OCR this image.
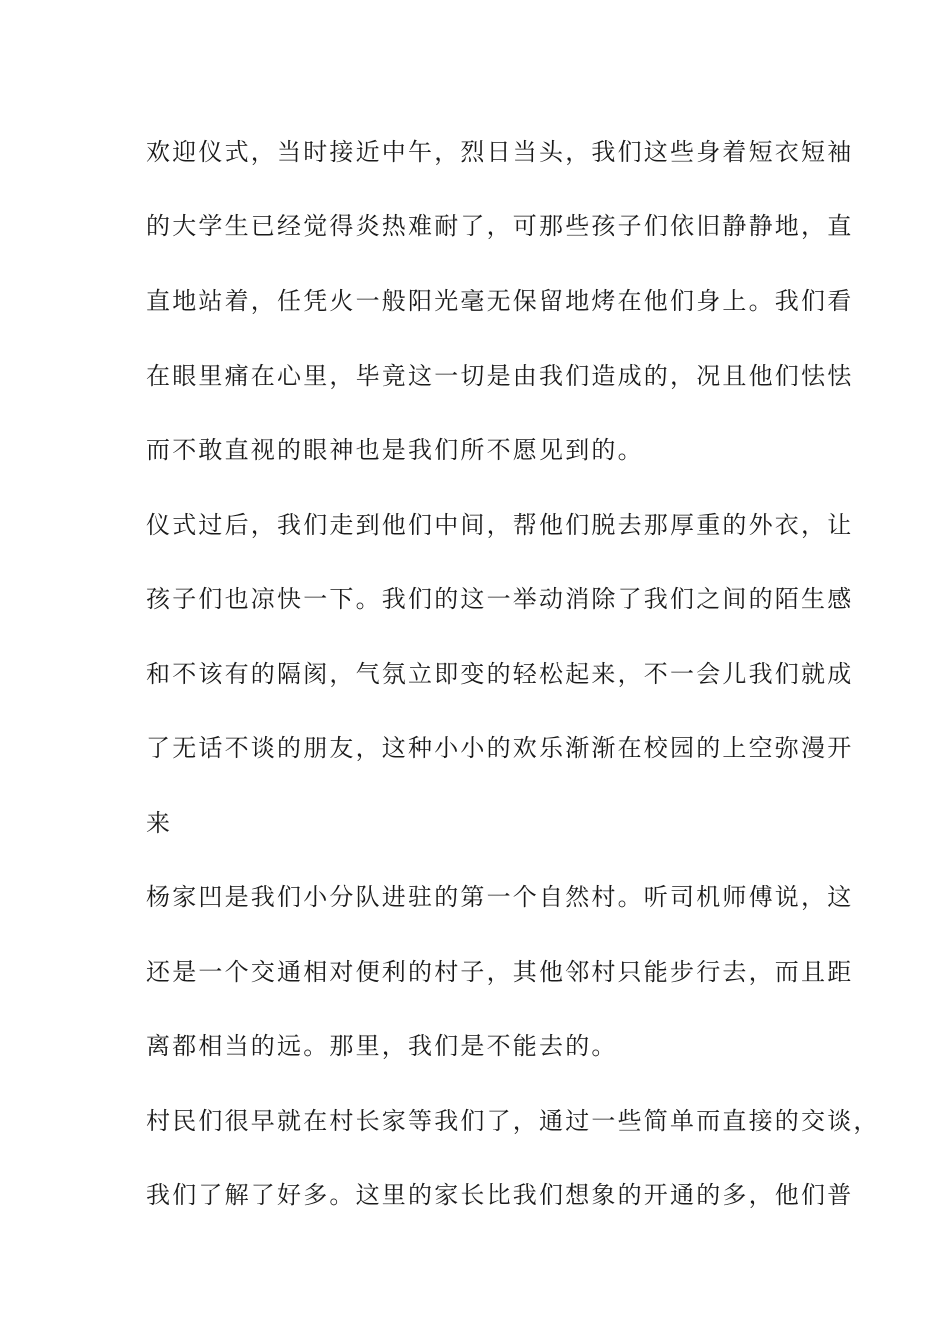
欢迎仪式，当时接近中午，烈日当头，我们这些身着短衣短袖
的大学生已经觉得炎热难耐了，可那些孩子们依旧静静地，直
直地站着，任凭火一般阳光毫无保留地烤在他们身上。我们看
在眼里痛在心里，毕竟这一切是由我们造成的，况且他们怯怯
而不敢直视的眼神也是我们所不愿见到的。
仪式过后，我们走到他们中间，帮他们脱去那厚重的外衣，让
孩子们也凉快一下。我们的这一举动消除了我们之间的陌生感
和不该有的隔阂，气氛立即变的轻松起来，不一会儿我们就成
了无话不谈的朋友，这种小小的欢乐渐渐在校园的上空弥漫开
来
杨家凹是我们小分队进驻的第一个自然村。听司机师傅说，这
还是一个交通相对便利的村子，其他邻村只能步行去，而且距
离都相当的远。那里，我们是不能去的。
村民们很早就在村长家等我们了，通过一些简单而直接的交谈，
我们了解了好多。这里的家长比我们想象的开通的多，他们普
